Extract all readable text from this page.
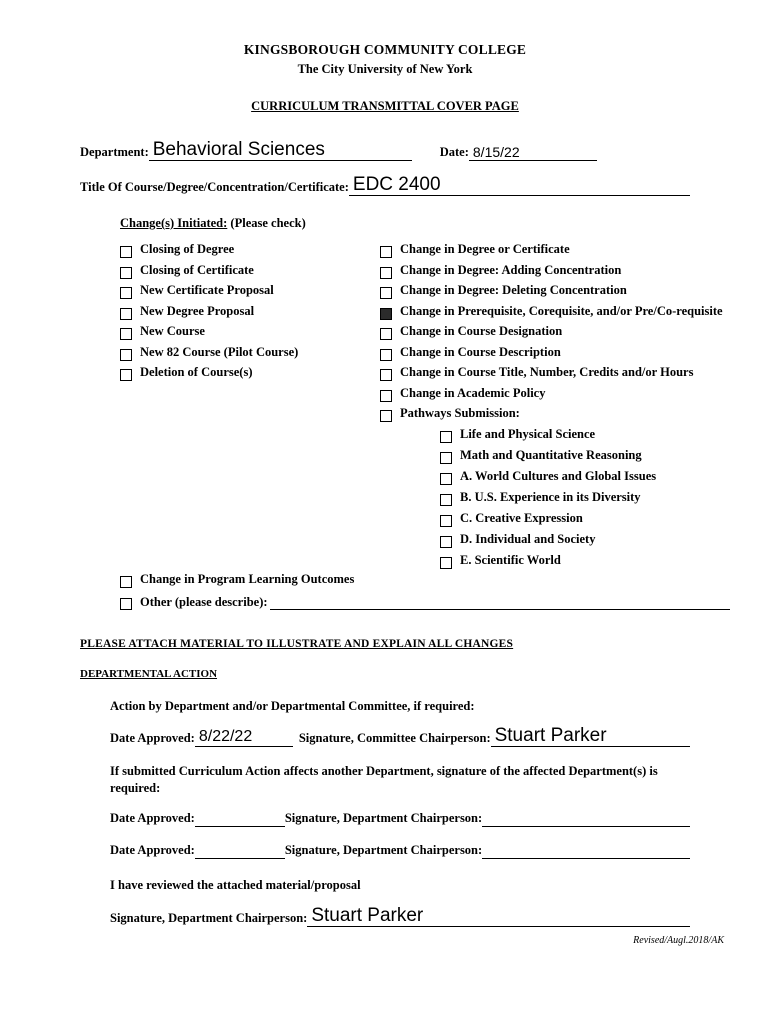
KINGSBOROUGH COMMUNITY COLLEGE
The City University of New York
CURRICULUM TRANSMITTAL COVER PAGE
Department: Behavioral Sciences	Date: 8/15/22
Title Of Course/Degree/Concentration/Certificate: EDC 2400
Change(s) Initiated: (Please check)
Closing of Degree
Closing of Certificate
New Certificate Proposal
New Degree Proposal
New Course
New 82 Course (Pilot Course)
Deletion of Course(s)
Change in Degree or Certificate
Change in Degree: Adding Concentration
Change in Degree: Deleting Concentration
Change in Prerequisite, Corequisite, and/or Pre/Co-requisite
Change in Course Designation
Change in Course Description
Change in Course Title, Number, Credits and/or Hours
Change in Academic Policy
Pathways Submission:
Life and Physical Science
Math and Quantitative Reasoning
A. World Cultures and Global Issues
B. U.S. Experience in its Diversity
C. Creative Expression
D. Individual and Society
E. Scientific World
Change in Program Learning Outcomes
Other (please describe):
PLEASE ATTACH MATERIAL TO ILLUSTRATE AND EXPLAIN ALL CHANGES
DEPARTMENTAL ACTION
Action by Department and/or Departmental Committee, if required:
Date Approved: 8/22/22	Signature, Committee Chairperson: Stuart Parker
If submitted Curriculum Action affects another Department, signature of the affected Department(s) is required:
Date Approved:	Signature, Department Chairperson:
Date Approved:	Signature, Department Chairperson:
I have reviewed the attached material/proposal
Signature, Department Chairperson: Stuart Parker
Revised/Augl.2018/AK
